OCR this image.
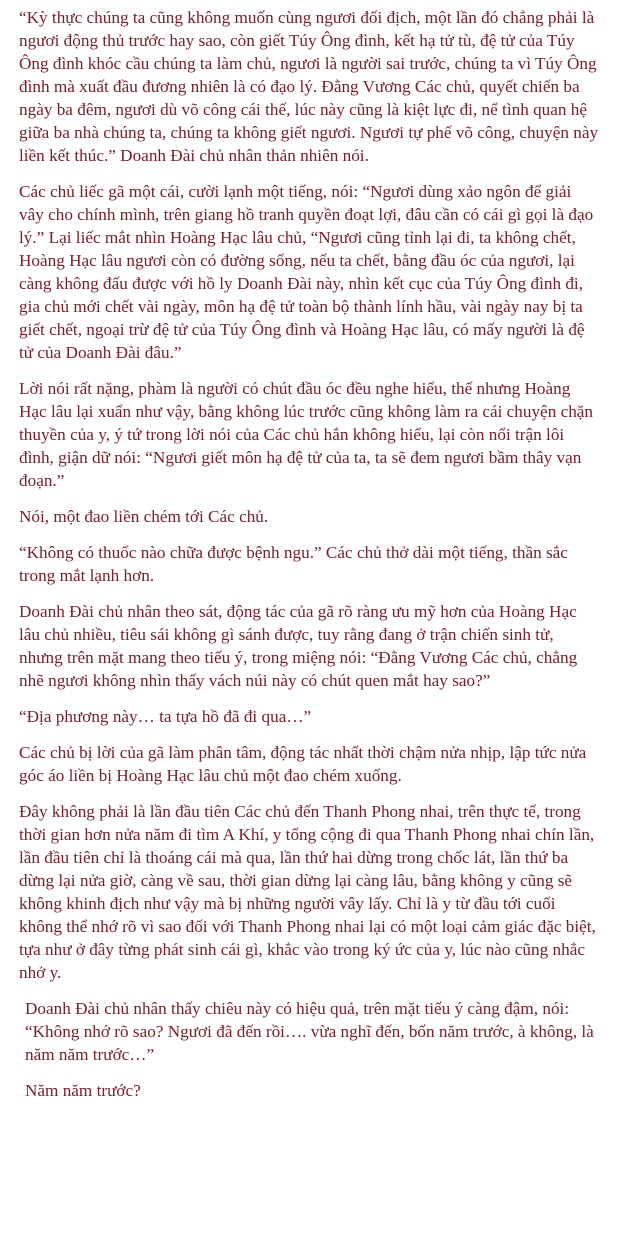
“Kỳ thực chúng ta cũng không muốn cùng ngươi đối địch, một lần đó chẳng phải là ngươi động thủ trước hay sao, còn giết Túy Ông đình, kết hạ tử tù, đệ tử của Túy Ông đình khóc cầu chúng ta làm chủ, ngươi là người sai trước, chúng ta vì Túy Ông đình mà xuất đầu đương nhiên là có đạo lý. Đằng Vương Các chủ, quyết chiến ba ngày ba đêm, ngươi dù võ công cái thế, lúc này cũng là kiệt lực đi, nể tình quan hệ giữa ba nhà chúng ta, chúng ta không giết ngươi. Ngươi tự phế võ công, chuyện này liền kết thúc.” Doanh Đài chủ nhân thản nhiên nói.

Các chủ liếc gã một cái, cười lạnh một tiếng, nói: “Ngươi dùng xảo ngôn để giải vây cho chính mình, trên giang hồ tranh quyền đoạt lợi, đâu cần có cái gì gọi là đạo lý.” Lại liếc mắt nhìn Hoàng Hạc lâu chủ, “Ngươi cũng tỉnh lại đi, ta không chết, Hoàng Hạc lâu ngươi còn có đường sống, nếu ta chết, bằng đầu óc của ngươi, lại càng không đấu được với hồ ly Doanh Đài này, nhìn kết cục của Túy Ông đình đi, gia chủ mới chết vài ngày, môn hạ đệ tử toàn bộ thành lính hầu, vài ngày nay bị ta giết chết, ngoại trừ đệ tử của Túy Ông đình và Hoàng Hạc lâu, có mấy người là đệ tử của Doanh Đài đâu.”

Lời nói rất nặng, phàm là người có chút đầu óc đều nghe hiểu, thế nhưng Hoàng Hạc lâu lại xuẩn như vậy, bằng không lúc trước cũng không làm ra cái chuyện chặn thuyền của y, ý tứ trong lời nói của Các chủ hắn không hiểu, lại còn nổi trận lôi đình, giận dữ nói: “Ngươi giết môn hạ đệ tử của ta, ta sẽ đem ngươi bầm thây vạn đoạn.”

Nói, một đao liền chém tới Các chủ.

“Không có thuốc nào chữa được bệnh ngu.” Các chủ thở dài một tiếng, thần sắc trong mắt lạnh hơn.

Doanh Đài chủ nhân theo sát, động tác của gã rõ ràng ưu mỹ hơn của Hoàng Hạc lâu chủ nhiều, tiêu sái không gì sánh được, tuy rằng đang ở trận chiến sinh tử, nhưng trên mặt mang theo tiếu ý, trong miệng nói: “Đằng Vương Các chủ, chẳng nhẽ ngươi không nhìn thấy vách núi này có chút quen mắt hay sao?”

“Địa phương này… ta tựa hồ đã đi qua…”

Các chủ bị lời của gã làm phân tâm, động tác nhất thời chậm nửa nhịp, lập tức nửa góc áo liền bị Hoàng Hạc lâu chủ một đao chém xuống.

Đây không phải là lần đầu tiên Các chủ đến Thanh Phong nhai, trên thực tế, trong thời gian hơn nửa năm đi tìm A Khí, y tổng cộng đi qua Thanh Phong nhai chín lần, lần đầu tiên chỉ là thoáng cái mà qua, lần thứ hai dừng trong chốc lát, lần thứ ba dừng lại nửa giờ, càng về sau, thời gian dừng lại càng lâu, bằng không y cũng sẽ không khinh địch như vậy mà bị những người vây lấy. Chỉ là y từ đầu tới cuối không thể nhớ rõ vì sao đối với Thanh Phong nhai lại có một loại cảm giác đặc biệt, tựa như ở đây từng phát sinh cái gì, khắc vào trong ký ức của y, lúc nào cũng nhắc nhở y.

Doanh Đài chủ nhân thấy chiêu này có hiệu quả, trên mặt tiếu ý càng đậm, nói: “Không nhớ rõ sao? Ngươi đã đến rồi…. vừa nghĩ đến, bốn năm trước, à không, là năm năm trước…”

Năm năm trước?
